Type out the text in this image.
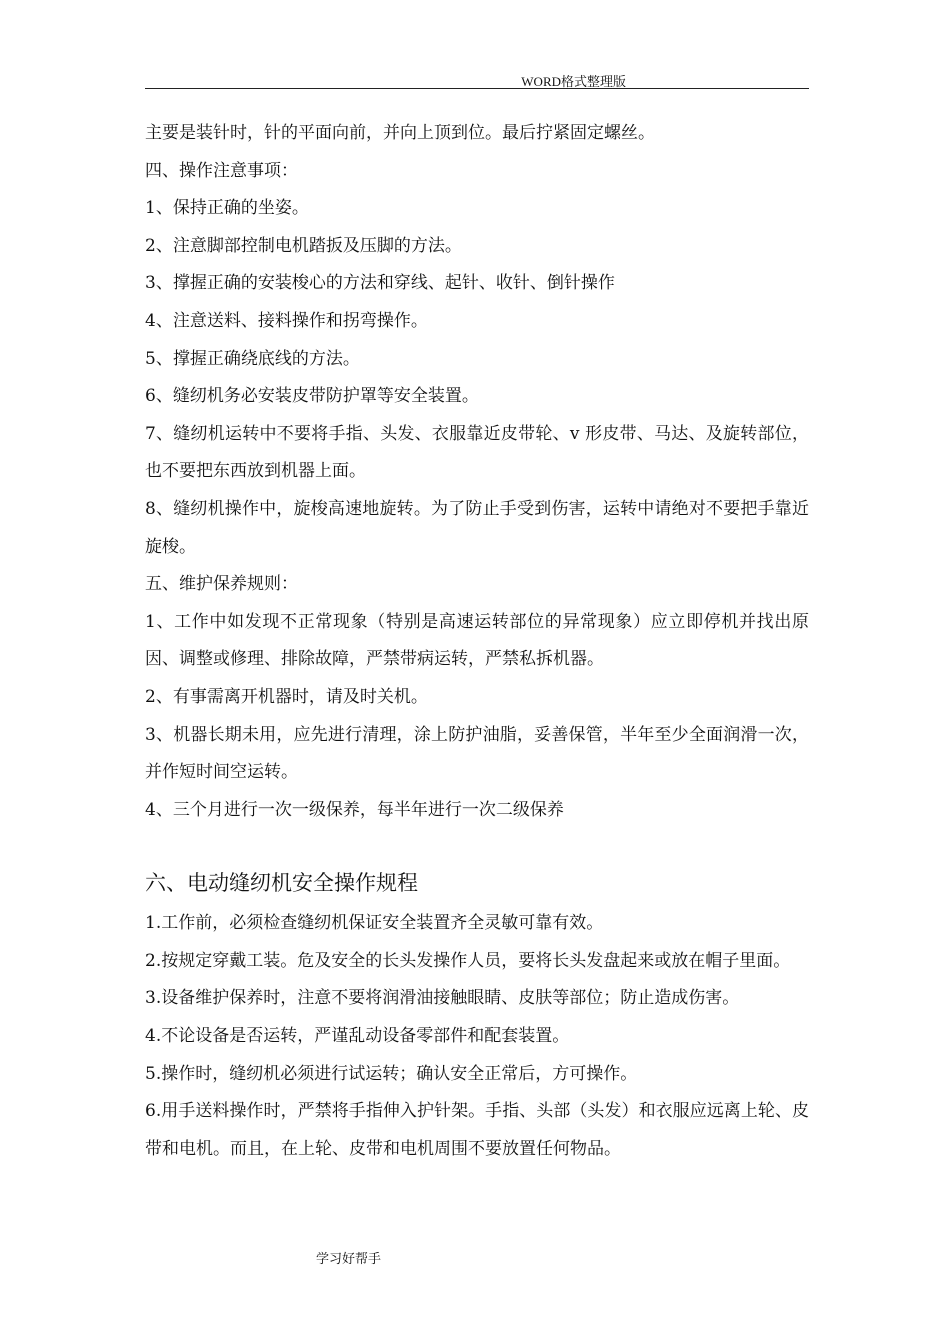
WORD格式整理版

主要是装针时，针的平面向前，并向上顶到位。最后拧紧固定螺丝。

四、操作注意事项：

1、保持正确的坐姿。

2、注意脚部控制电机踏扳及压脚的方法。

3、撑握正确的安装梭心的方法和穿线、起针、收针、倒针操作

4、注意送料、接料操作和拐弯操作。

5、撑握正确绕底线的方法。

6、缝纫机务必安装皮带防护罩等安全装置。

7、缝纫机运转中不要将手指、头发、衣服靠近皮带轮、v 形皮带、马达、及旋转部位，也不要把东西放到机器上面。

8、缝纫机操作中，旋梭高速地旋转。为了防止手受到伤害，运转中请绝对不要把手靠近旋梭。

五、维护保养规则：

1、工作中如发现不正常现象（特别是高速运转部位的异常现象）应立即停机并找出原因、调整或修理、排除故障，严禁带病运转，严禁私拆机器。

2、有事需离开机器时，请及时关机。

3、机器长期未用，应先进行清理，涂上防护油脂，妥善保管，半年至少全面润滑一次，并作短时间空运转。

4、三个月进行一次一级保养，每半年进行一次二级保养

六、电动缝纫机安全操作规程

1.工作前，必须检查缝纫机保证安全装置齐全灵敏可靠有效。

2.按规定穿戴工装。危及安全的长头发操作人员，要将长头发盘起来或放在帽子里面。

3.设备维护保养时，注意不要将润滑油接触眼睛、皮肤等部位；防止造成伤害。

4.不论设备是否运转，严谨乱动设备零部件和配套装置。

5.操作时，缝纫机必须进行试运转；确认安全正常后，方可操作。

6.用手送料操作时，严禁将手指伸入护针架。手指、头部（头发）和衣服应远离上轮、皮带和电机。而且，在上轮、皮带和电机周围不要放置任何物品。

学习好帮手
